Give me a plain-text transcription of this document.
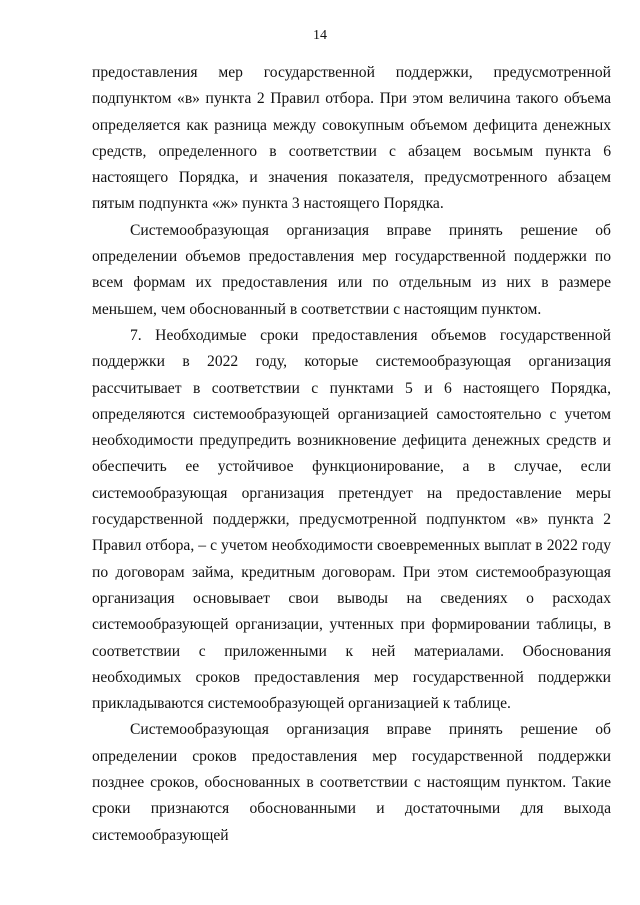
14

предоставления мер государственной поддержки, предусмотренной подпунктом «в» пункта 2 Правил отбора. При этом величина такого объема определяется как разница между совокупным объемом дефицита денежных средств, определенного в соответствии с абзацем восьмым пункта 6 настоящего Порядка, и значения показателя, предусмотренного абзацем пятым подпункта «ж» пункта 3 настоящего Порядка.

Системообразующая организация вправе принять решение об определении объемов предоставления мер государственной поддержки по всем формам их предоставления или по отдельным из них в размере меньшем, чем обоснованный в соответствии с настоящим пунктом.

7. Необходимые сроки предоставления объемов государственной поддержки в 2022 году, которые системообразующая организация рассчитывает в соответствии с пунктами 5 и 6 настоящего Порядка, определяются системообразующей организацией самостоятельно с учетом необходимости предупредить возникновение дефицита денежных средств и обеспечить ее устойчивое функционирование, а в случае, если системообразующая организация претендует на предоставление меры государственной поддержки, предусмотренной подпунктом «в» пункта 2 Правил отбора, – с учетом необходимости своевременных выплат в 2022 году по договорам займа, кредитным договорам. При этом системообразующая организация основывает свои выводы на сведениях о расходах системообразующей организации, учтенных при формировании таблицы, в соответствии с приложенными к ней материалами. Обоснования необходимых сроков предоставления мер государственной поддержки прикладываются системообразующей организацией к таблице.

Системообразующая организация вправе принять решение об определении сроков предоставления мер государственной поддержки позднее сроков, обоснованных в соответствии с настоящим пунктом. Такие сроки признаются обоснованными и достаточными для выхода системообразующей
